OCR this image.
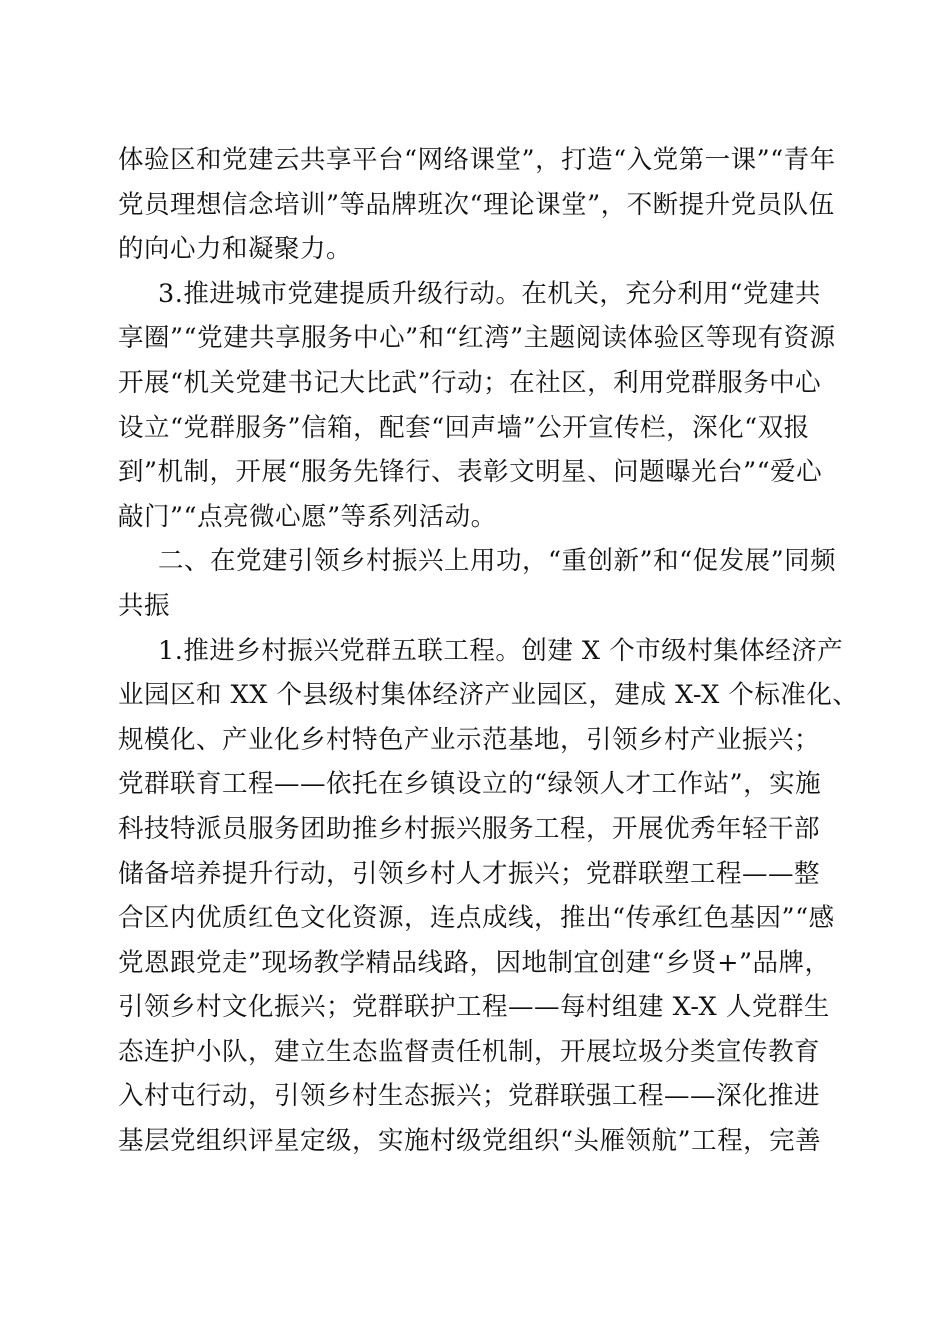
体验区和党建云共享平台“网络课堂”，打造“入党第一课”“青年
党员理想信念培训”等品牌班次“理论课堂”，不断提升党员队伍
的向心力和凝聚力。

3.推进城市党建提质升级行动。在机关，充分利用“党建共
享圈”“党建共享服务中心”和“红湾”主题阅读体验区等现有资源
开展“机关党建书记大比武”行动；在社区，利用党群服务中心
设立“党群服务”信箱，配套“回声墙”公开宣传栏，深化“双报
到”机制，开展“服务先锋行、表彰文明星、问题曝光台”“爱心
敲门”“点亮微心愿”等系列活动。

二、在党建引领乡村振兴上用功，“重创新”和“促发展”同频
共振

1.推进乡村振兴党群五联工程。创建 X 个市级村集体经济产
业园区和 XX 个县级村集体经济产业园区，建成 X-X 个标准化、
规模化、产业化乡村特色产业示范基地，引领乡村产业振兴；
党群联育工程——依托在乡镇设立的“绿领人才工作站”，实施
科技特派员服务团助推乡村振兴服务工程，开展优秀年轻干部
储备培养提升行动，引领乡村人才振兴；党群联塑工程——整
合区内优质红色文化资源，连点成线，推出“传承红色基因”“感
党恩跟党走”现场教学精品线路，因地制宜创建“乡贤+”品牌，
引领乡村文化振兴；党群联护工程——每村组建 X-X 人党群生
态连护小队，建立生态监督责任机制，开展垃圾分类宣传教育
入村屯行动，引领乡村生态振兴；党群联强工程——深化推进
基层党组织评星定级，实施村级党组织“头雁领航”工程，完善
